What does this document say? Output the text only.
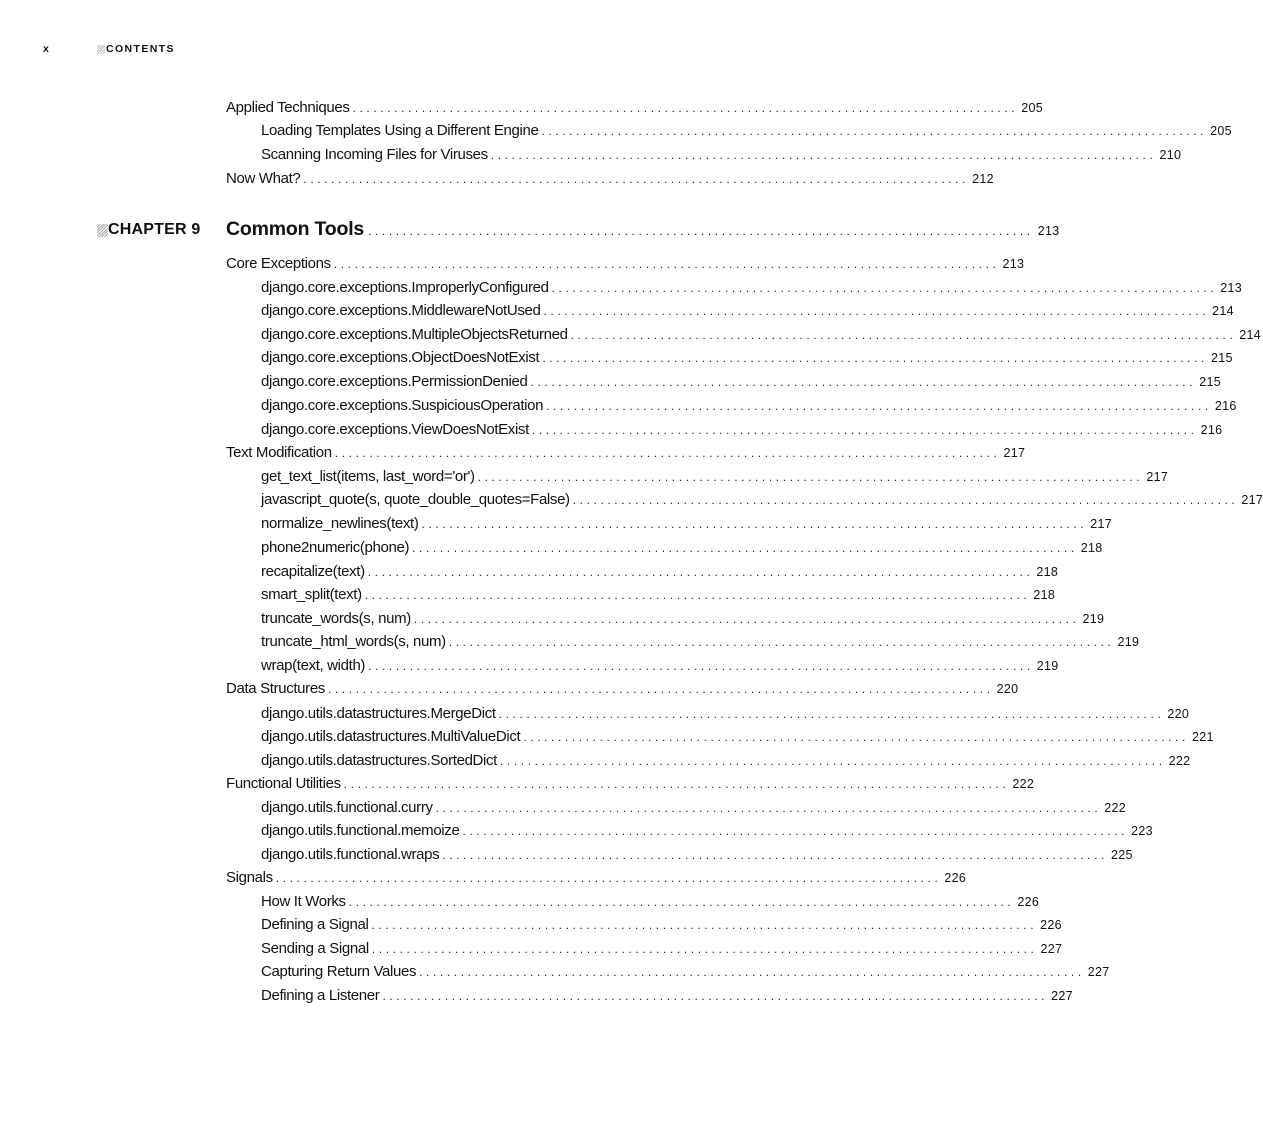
x	CONTENTS
Applied Techniques ................................................................................................ 205
Loading Templates Using a Different Engine ................................................................................................ 205
Scanning Incoming Files for Viruses ................................................................................................ 210
Now What? ................................................................................................ 212
CHAPTER 9 Common Tools ................................................................................................ 213
Core Exceptions ................................................................................................ 213
django.core.exceptions.ImproperlyConfigured ................................................................................................ 213
django.core.exceptions.MiddlewareNotUsed ................................................................................................ 214
django.core.exceptions.MultipleObjectsReturned ................................................................................................ 214
django.core.exceptions.ObjectDoesNotExist ................................................................................................ 215
django.core.exceptions.PermissionDenied ................................................................................................ 215
django.core.exceptions.SuspiciousOperation ................................................................................................ 216
django.core.exceptions.ViewDoesNotExist ................................................................................................ 216
Text Modification ................................................................................................ 217
get_text_list(items, last_word='or') ................................................................................................ 217
javascript_quote(s, quote_double_quotes=False) ................................................................................................ 217
normalize_newlines(text) ................................................................................................ 217
phone2numeric(phone) ................................................................................................ 218
recapitalize(text) ................................................................................................ 218
smart_split(text) ................................................................................................ 218
truncate_words(s, num) ................................................................................................ 219
truncate_html_words(s, num) ................................................................................................ 219
wrap(text, width) ................................................................................................ 219
Data Structures ................................................................................................ 220
django.utils.datastructures.MergeDict ................................................................................................ 220
django.utils.datastructures.MultiValueDict ................................................................................................ 221
django.utils.datastructures.SortedDict ................................................................................................ 222
Functional Utilities ................................................................................................ 222
django.utils.functional.curry ................................................................................................ 222
django.utils.functional.memoize ................................................................................................ 223
django.utils.functional.wraps ................................................................................................ 225
Signals ................................................................................................ 226
How It Works ................................................................................................ 226
Defining a Signal ................................................................................................ 226
Sending a Signal ................................................................................................ 227
Capturing Return Values ................................................................................................ 227
Defining a Listener ................................................................................................ 227
